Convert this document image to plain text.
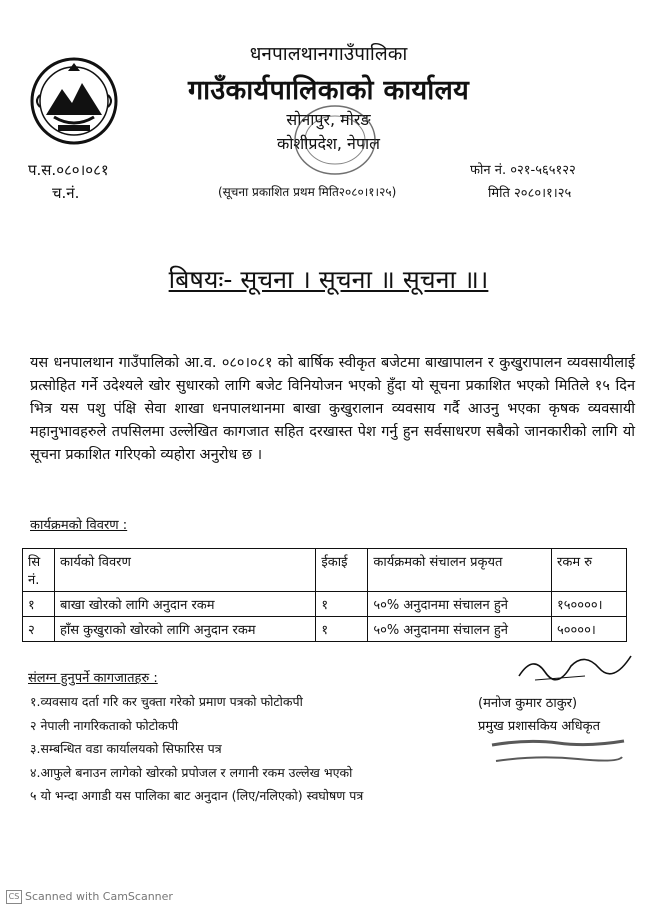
धनपालथानगाउँपालिका
गाउँकार्यपालिकाको कार्यालय
सोनापुर, मोरङ
कोशीप्रदेश, नेपाल
प.स.०८०।०८१
च.नं.
फोन नं. ०२१-५६५१२२
मिति २०८०।१।२५
(सूचना प्रकाशित प्रथम मिति२०८०।१।२५)
बिषयः- सूचना । सूचना ॥ सूचना ॥।

यस धनपालथान गाउँपालिको आ.व. ०८०।०८१ को बार्षिक स्वीकृत बजेटमा बाखापालन र कुखुरापालन व्यवसायीलाई प्रत्सोहित गर्ने उदेश्यले खोर सुधारको लागि बजेट विनियोजन भएको हुँदा यो सूचना प्रकाशित भएको मितिले १५ दिन भित्र यस पशु पंक्षि सेवा शाखा धनपालथानमा बाखा कुखुरालान व्यवसाय गर्दै आउनु भएका कृषक व्यवसायी महानुभावहरुले तपसिलमा उल्लेखित कागजात सहित दरखास्त पेश गर्नु हुन सर्वसाधरण सबैको जानकारीको लागि यो सूचना प्रकाशित गरिएको व्यहोरा अनुरोध छ ।

कार्यक्रमको विवरण :
सि नं.	कार्यको विवरण	ईकाई	कार्यक्रमको संचालन प्रकृयत	रकम रु
१	बाखा खोरको लागि अनुदान रकम	१	५०% अनुदानमा संचालन हुने	१५००००।
२	हाँस कुखुराको खोरको लागि अनुदान रकम	१	५०% अनुदानमा संचालन हुने	५००००।
संलग्न हुनुपर्ने कागजातहरु :
१.व्यवसाय दर्ता गरि कर चुक्ता गरेको प्रमाण पत्रको फोटोकपी
२ नेपाली नागरिकताको फोटोकपी
३.सम्बन्धित वडा कार्यालयको सिफारिस पत्र
४.आफुले बनाउन लागेको खोरको प्रपोजल र लगानी रकम उल्लेख भएको
५ यो भन्दा अगाडी यस पालिका बाट अनुदान (लिए/नलिएको) स्वघोषण पत्र
(मनोज कुमार ठाकुर)
प्रमुख प्रशासकिय अधिकृत
CS Scanned with CamScanner
